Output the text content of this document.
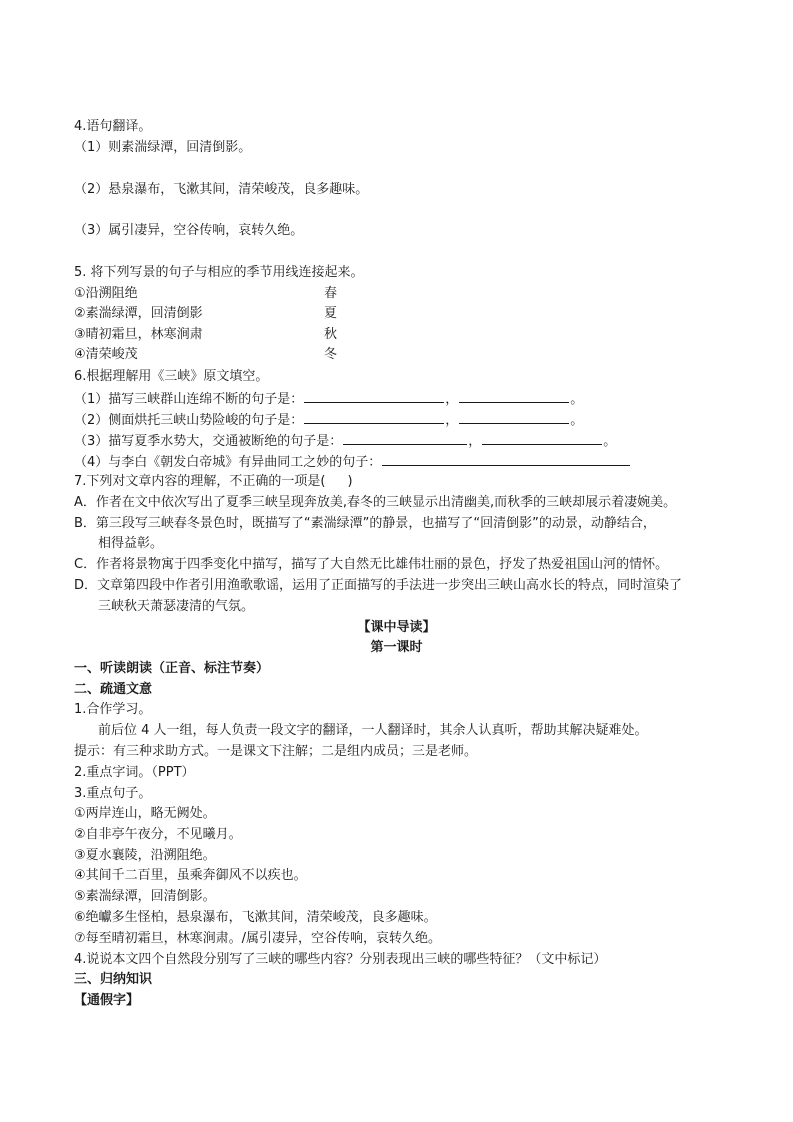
4.语句翻译。
（1）则素湍绿潭，回清倒影。
（2）悬泉瀑布，飞漱其间，清荣峻茂，良多趣味。
（3）属引凄异，空谷传响，哀转久绝。
5. 将下列写景的句子与相应的季节用线连接起来。
①沿溯阻绝	春
②素湍绿潭，回清倒影	夏
③晴初霜旦，林寒涧肃	秋
④清荣峻茂	冬
6.根据理解用《三峡》原文填空。
（1）描写三峡群山连绵不断的句子是：	，	。
（2）侧面烘托三峡山势险峻的句子是：	，	。
（3）描写夏季水势大，交通被断绝的句子是：	，	。
（4）与李白《朝发白帝城》有异曲同工之妙的句子：
7.下列对文章内容的理解，不正确的一项是( )
A．作者在文中依次写出了夏季三峡呈现奔放美,春冬的三峡显示出清幽美,而秋季的三峡却展示着凄婉美。
B．第三段写三峡春冬景色时，既描写了“素湍绿潭”的静景，也描写了“回清倒影”的动景，动静结合，
相得益彰。
C．作者将景物寓于四季变化中描写，描写了大自然无比雄伟壮丽的景色，抒发了热爱祖国山河的情怀。
D．文章第四段中作者引用渔歌歌谣，运用了正面描写的手法进一步突出三峡山高水长的特点，同时渲染了
三峡秋天萧瑟凄清的气氛。
【课中导读】
第一课时
一、听读朗读（正音、标注节奏）
二、疏通文意
1.合作学习。
前后位 4 人一组，每人负责一段文字的翻译，一人翻译时，其余人认真听，帮助其解决疑难处。
提示：有三种求助方式。一是课文下注解；二是组内成员；三是老师。
2.重点字词。（PPT）
3.重点句子。
①两岸连山，略无阙处。
②自非亭午夜分，不见曦月。
③夏水襄陵，沿溯阻绝。
④其间千二百里，虽乘奔御风不以疾也。
⑤素湍绿潭，回清倒影。
⑥绝巘多生怪柏，悬泉瀑布，飞漱其间，清荣峻茂，良多趣味。
⑦每至晴初霜旦，林寒涧肃。/属引凄异，空谷传响，哀转久绝。
4.说说本文四个自然段分别写了三峡的哪些内容？分别表现出三峡的哪些特征？（文中标记）
三、归纳知识
【通假字】
